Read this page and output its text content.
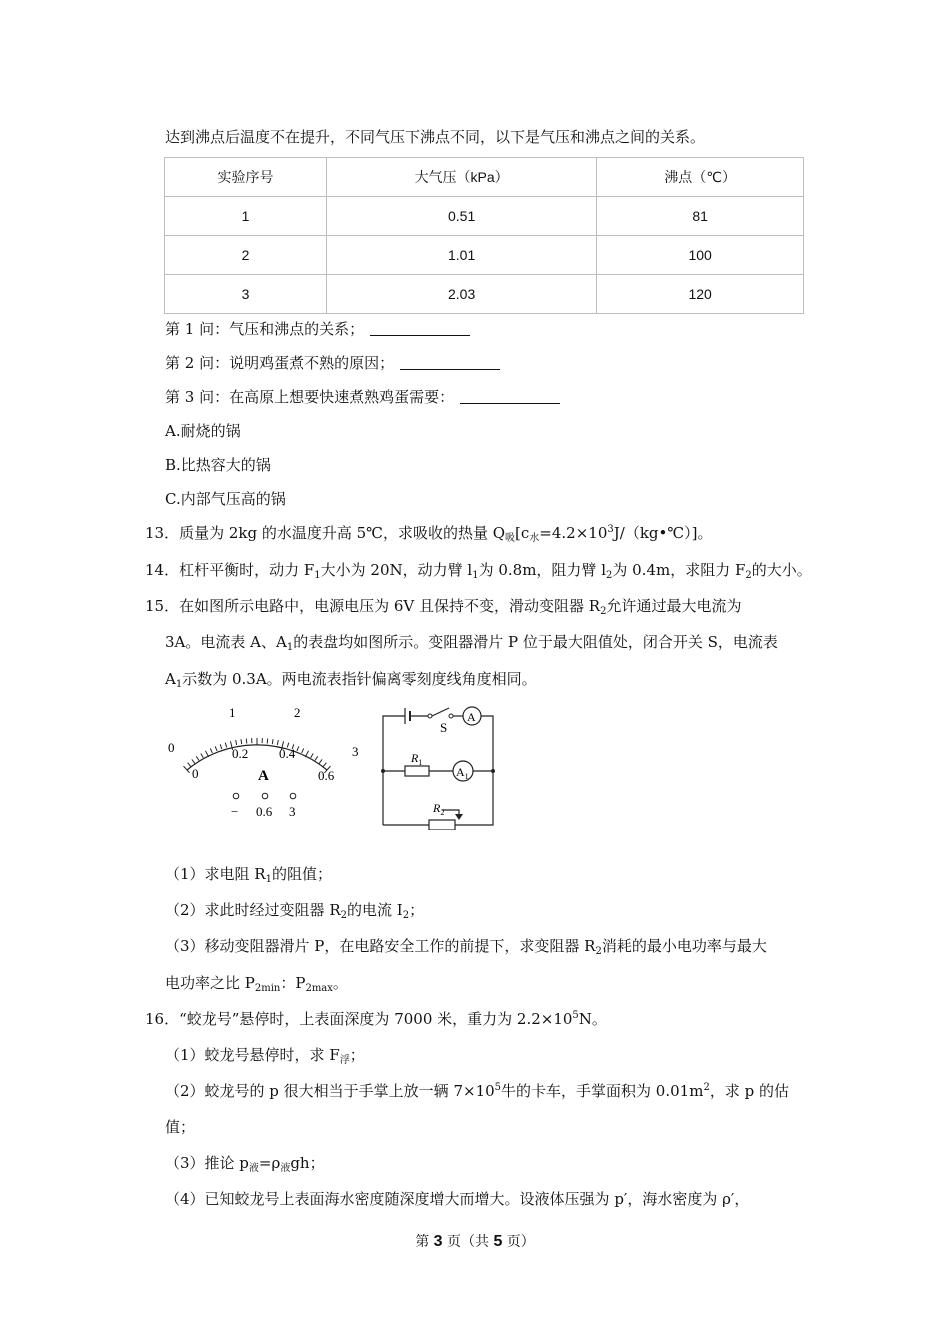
达到沸点后温度不在提升，不同气压下沸点不同，以下是气压和沸点之间的关系。
实验序号	大气压（kPa）	沸点（℃）
1	0.51	81
2	1.01	100
3	2.03	120
第 1 问：气压和沸点的关系；
第 2 问：说明鸡蛋煮不熟的原因；
第 3 问：在高原上想要快速煮熟鸡蛋需要：
A.耐烧的锅
B.比热容大的锅
C.内部气压高的锅
13．质量为 2kg 的水温度升高 5℃，求吸收的热量 $Q_吸[c_水=4.2\times 10^3J/(kg•℃)]$。
14．杠杆平衡时，动力 $F_1$大小为 20N，动力臂 $l_1$为 0.8m，阻力臂 $l_2$为 0.4m，求阻力 $F_2$的大小。
15．在如图所示电路中，电源电压为 6V 且保持不变，滑动变阻器 $R_2$允许通过最大电流为
3A。电流表 A、$A_1$的表盘均如图所示。变阻器滑片 P 位于最大阻值处，闭合开关 S，电流表
$A_1$示数为 0.3A。两电流表指针偏离零刻度线角度相同。
0
1	2
3
0
0.2 0.4
0.6
A
− 0.6 3
S
A
$A_1$
$R_1$
$R_2$
（1）求电阻 $R_1$的阻值；
（2）求此时经过变阻器 $R_2$的电流 $I_2$；
（3）移动变阻器滑片 P，在电路安全工作的前提下，求变阻器 $R_2$消耗的最小电功率与最大
电功率之比 $P_{2min}$：$P_{2max}$。
16．“蛟龙号”悬停时，上表面深度为 7000 米，重力为 $2.2\times 10^5N$。
（1）蛟龙号悬停时，求 $F_浮$；
（2）蛟龙号的 p 很大相当于手掌上放一辆 $7\times 10^5$牛的卡车，手掌面积为 $0.01m^2$，求 p 的估
值；
（3）推论 $p_液=\rho_液gh$；
（4）已知蛟龙号上表面海水密度随深度增大而增大。设液体压强为 p′，海水密度为 ρ′，
第 3 页（共 5 页）
